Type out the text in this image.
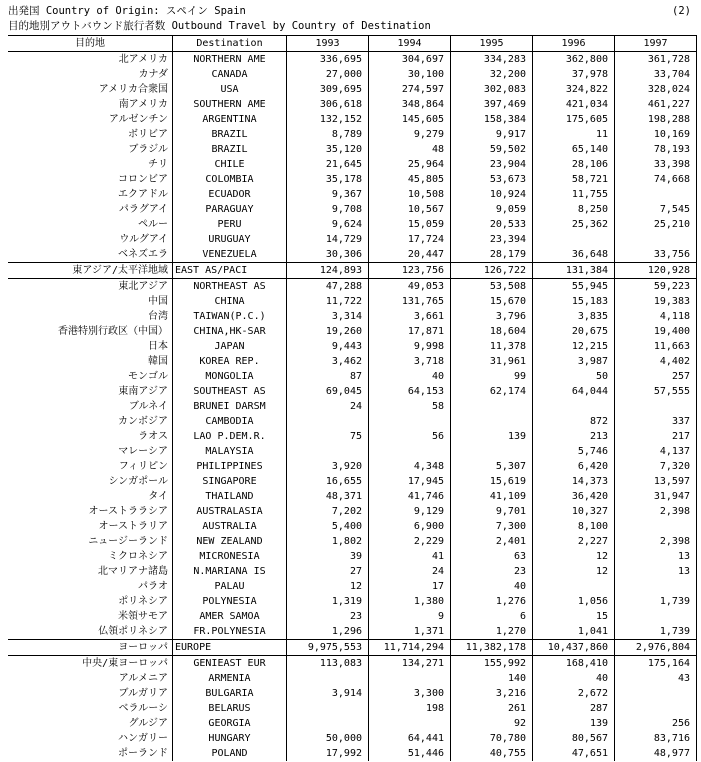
出発国 Country of Origin: スペイン Spain	(2)
目的地別アウトバウンド旅行者数 Outbound Travel by Country of Destination
目的地	Destination	1993	1994	1995	1996	1997
北アメリカ	NORTHERN AME	336,695	304,697	334,283	362,800	361,728
カナダ	CANADA	27,000	30,100	32,200	37,978	33,704
アメリカ合衆国	USA	309,695	274,597	302,083	324,822	328,024
南アメリカ	SOUTHERN AME	306,618	348,864	397,469	421,034	461,227
アルゼンチン	ARGENTINA	132,152	145,605	158,384	175,605	198,288
ボリビア	BRAZIL	8,789	9,279	9,917	11	10,169
ブラジル	BRAZIL	35,120	48	59,502	65,140	78,193
チリ	CHILE	21,645	25,964	23,904	28,106	33,398
コロンビア	COLOMBIA	35,178	45,805	53,673	58,721	74,668
エクアドル	ECUADOR	9,367	10,508	10,924	11,755	
パラグアイ	PARAGUAY	9,708	10,567	9,059	8,250	7,545
ペルー	PERU	9,624	15,059	20,533	25,362	25,210
ウルグアイ	URUGUAY	14,729	17,724	23,394		
ベネズエラ	VENEZUELA	30,306	20,447	28,179	36,648	33,756
東アジア/太平洋地域	EAST AS/PACI	124,893	123,756	126,722	131,384	120,928
東北アジア	NORTHEAST AS	47,288	49,053	53,508	55,945	59,223
中国	CHINA	11,722	131,765	15,670	15,183	19,383
台湾	TAIWAN(P.C.)	3,314	3,661	3,796	3,835	4,118
香港特別行政区（中国）	CHINA,HK-SAR	19,260	17,871	18,604	20,675	19,400
日本	JAPAN	9,443	9,998	11,378	12,215	11,663
韓国	KOREA REP.	3,462	3,718	31,961	3,987	4,402
モンゴル	MONGOLIA	87	40	99	50	257
東南アジア	SOUTHEAST AS	69,045	64,153	62,174	64,044	57,555
ブルネイ	BRUNEI DARSM	24	58			
カンボジア	CAMBODIA				872	337
ラオス	LAO P.DEM.R.	75	56	139	213	217
マレーシア	MALAYSIA				5,746	4,137
フィリピン	PHILIPPINES	3,920	4,348	5,307	6,420	7,320
シンガポール	SINGAPORE	16,655	17,945	15,619	14,373	13,597
タイ	THAILAND	48,371	41,746	41,109	36,420	31,947
オーストララシア	AUSTRALASIA	7,202	9,129	9,701	10,327	2,398
オーストラリア	AUSTRALIA	5,400	6,900	7,300	8,100	
ニュージーランド	NEW ZEALAND	1,802	2,229	2,401	2,227	2,398
ミクロネシア	MICRONESIA	39	41	63	12	13
北マリアナ諸島	N.MARIANA IS	27	24	23	12	13
パラオ	PALAU	12	17	40		
ポリネシア	POLYNESIA	1,319	1,380	1,276	1,056	1,739
米領サモア	AMER SAMOA	23	9	6	15	
仏領ポリネシア	FR.POLYNESIA	1,296	1,371	1,270	1,041	1,739
ヨーロッパ	EUROPE	9,975,553	11,714,294	11,382,178	10,437,860	2,976,804
中央/東ヨーロッパ	GENIEAST EUR	113,083	134,271	155,992	168,410	175,164
アルメニア	ARMENIA			140	40	43
ブルガリア	BULGARIA	3,914	3,300	3,216	2,672	
ベラルーシ	BELARUS		198	261	287	
グルジア	GEORGIA			92	139	256
ハンガリー	HUNGARY	50,000	64,441	70,780	80,567	83,716
ポーランド	POLAND	17,992	51,446	40,755	47,651	48,977
